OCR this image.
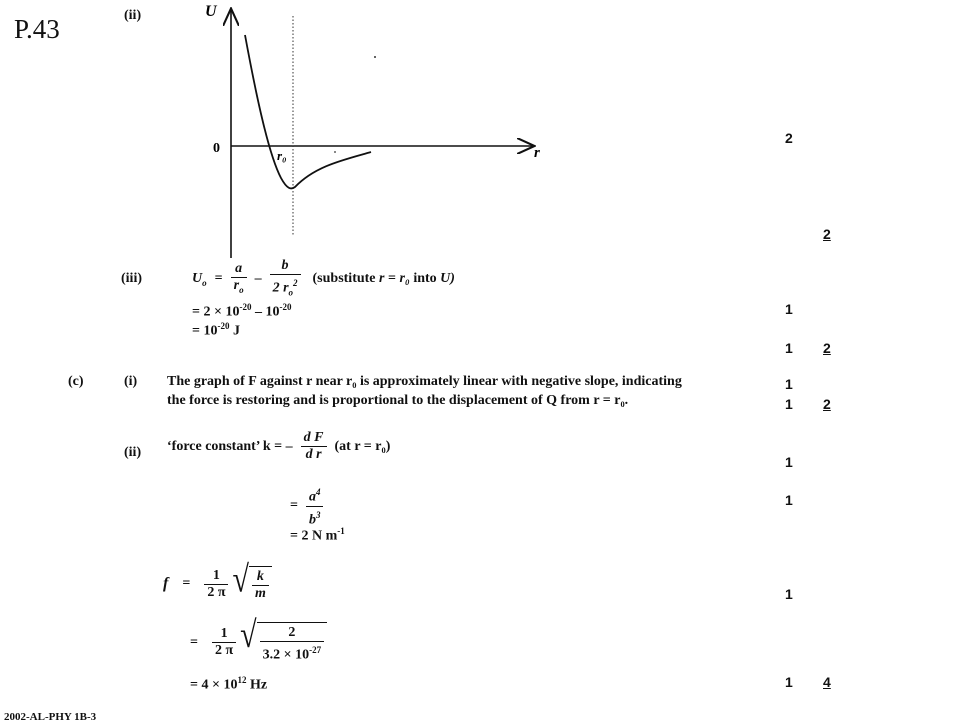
P.43	(ii)	U
0	r
r₀
(iii)	$U_o = \frac{a}{r_o} - \frac{b}{2 r_o^2}$ (substitute r = r₀ into U)
= $2 \times 10^{-20} - 10^{-20}$
= $10^{-20}$ J
(c)	(i) The graph of F against r near r₀ is approximately linear with negative slope, indicating
the force is restoring and is proportional to the displacement of Q from r = r₀.
(ii) ‘force constant’ k = – $\frac{\text{d F}}{\text{d r}} (at$ r = r₀)
= $\frac{a^4}{b^3}$
= 2 N $m^{-1}$
$f = \frac{1}{2 \pi}$ √ $\frac{k}{m}$
= $\frac{1}{2 \pi}$ √ $\frac{2}{3.2 \times 10^{-27}}$
= $4 \times 10^{12}$ Hz
2
2
1
1 2
1
1 2
1
1
1
1 4
2002-AL-PHY 1B-3
